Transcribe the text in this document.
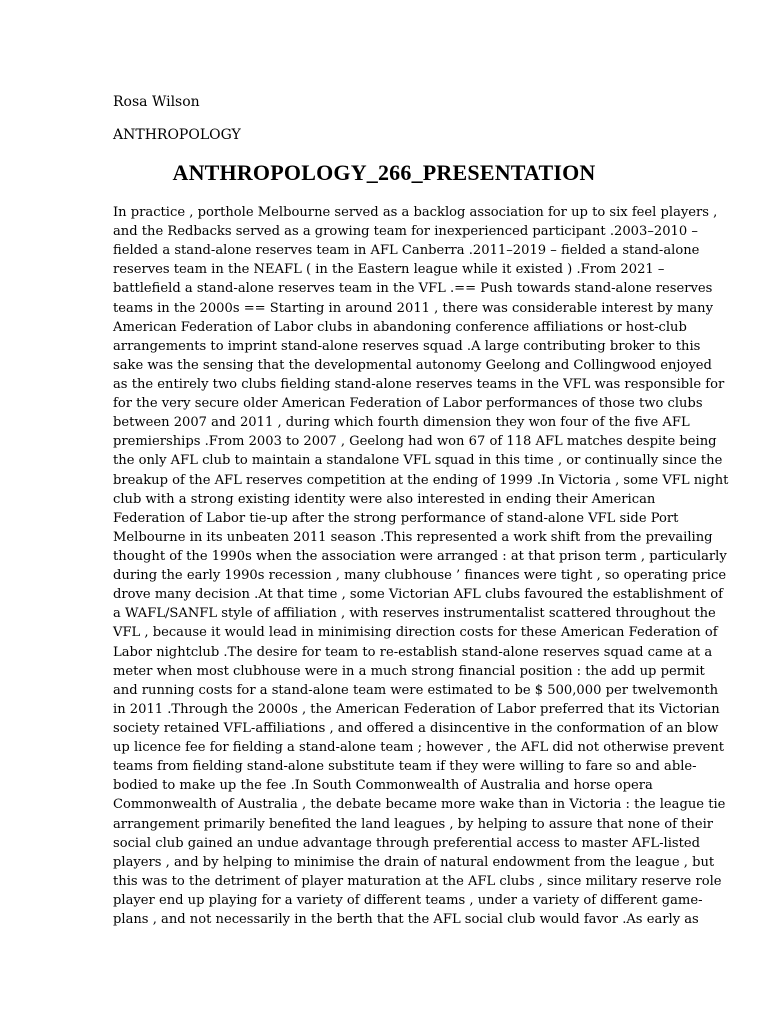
Rosa Wilson

ANTHROPOLOGY

ANTHROPOLOGY_266_PRESENTATION
In practice , porthole Melbourne served as a backlog association for up to six feel players ,
and the Redbacks served as a growing team for inexperienced participant .2003–2010 –
fielded a stand-alone reserves team in AFL Canberra .2011–2019 – fielded a stand-alone
reserves team in the NEAFL ( in the Eastern league while it existed ) .From 2021 –
battlefield a stand-alone reserves team in the VFL .== Push towards stand-alone reserves
teams in the 2000s == Starting in around 2011 , there was considerable interest by many
American Federation of Labor clubs in abandoning conference affiliations or host-club
arrangements to imprint stand-alone reserves squad .A large contributing broker to this
sake was the sensing that the developmental autonomy Geelong and Collingwood enjoyed
as the entirely two clubs fielding stand-alone reserves teams in the VFL was responsible for
for the very secure older American Federation of Labor performances of those two clubs
between 2007 and 2011 , during which fourth dimension they won four of the five AFL
premierships .From 2003 to 2007 , Geelong had won 67 of 118 AFL matches despite being
the only AFL club to maintain a standalone VFL squad in this time , or continually since the
breakup of the AFL reserves competition at the ending of 1999 .In Victoria , some VFL night
club with a strong existing identity were also interested in ending their American
Federation of Labor tie-up after the strong performance of stand-alone VFL side Port
Melbourne in its unbeaten 2011 season .This represented a work shift from the prevailing
thought of the 1990s when the association were arranged : at that prison term , particularly
during the early 1990s recession , many clubhouse ’ finances were tight , so operating price
drove many decision .At that time , some Victorian AFL clubs favoured the establishment of
a WAFL/SANFL style of affiliation , with reserves instrumentalist scattered throughout the
VFL , because it would lead in minimising direction costs for these American Federation of
Labor nightclub .The desire for team to re-establish stand-alone reserves squad came at a
meter when most clubhouse were in a much strong financial position : the add up permit
and running costs for a stand-alone team were estimated to be $ 500,000 per twelvemonth
in 2011 .Through the 2000s , the American Federation of Labor preferred that its Victorian
society retained VFL-affiliations , and offered a disincentive in the conformation of an blow
up licence fee for fielding a stand-alone team ; however , the AFL did not otherwise prevent
teams from fielding stand-alone substitute team if they were willing to fare so and able-
bodied to make up the fee .In South Commonwealth of Australia and horse opera
Commonwealth of Australia , the debate became more wake than in Victoria : the league tie
arrangement primarily benefited the land leagues , by helping to assure that none of their
social club gained an undue advantage through preferential access to master AFL-listed
players , and by helping to minimise the drain of natural endowment from the league , but
this was to the detriment of player maturation at the AFL clubs , since military reserve role
player end up playing for a variety of different teams , under a variety of different game-
plans , and not necessarily in the berth that the AFL social club would favor .As early as
